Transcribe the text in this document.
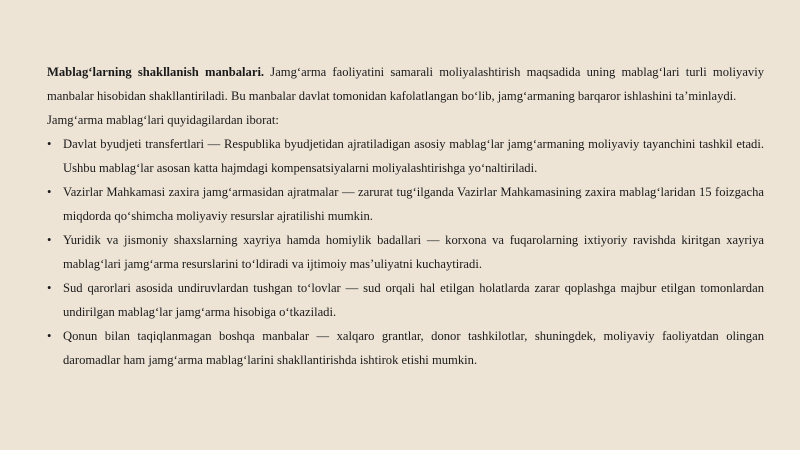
Mablag‘larning shakllanish manbalari. Jamg‘arma faoliyatini samarali moliyalashtirish maqsadida uning mablag‘lari turli moliyaviy manbalar hisobidan shakllantiriladi. Bu manbalar davlat tomonidan kafolatlangan bo‘lib, jamg‘armaning barqaror ishlashini ta’minlaydi.

Jamg‘arma mablag‘lari quyidagilardan iborat:

• Davlat byudjeti transfertlari — Respublika byudjetidan ajratiladigan asosiy mablag‘lar jamg‘armaning moliyaviy tayanchini tashkil etadi. Ushbu mablag‘lar asosan katta hajmdagi kompensatsiyalarni moliyalashtirishga yo‘naltiriladi.
• Vazirlar Mahkamasi zaxira jamg‘armasidan ajratmalar — zarurat tug‘ilganda Vazirlar Mahkamasining zaxira mablag‘laridan 15 foizgacha miqdorda qo‘shimcha moliyaviy resurslar ajratilishi mumkin.
• Yuridik va jismoniy shaxslarning xayriya hamda homiylik badallari — korxona va fuqarolarning ixtiyoriy ravishda kiritgan xayriya mablag‘lari jamg‘arma resurslarini to‘ldiradi va ijtimoiy mas’uliyatni kuchaytiradi.
• Sud qarorlari asosida undiruvlardan tushgan to‘lovlar — sud orqali hal etilgan holatlarda zarar qoplashga majbur etilgan tomonlardan undirilgan mablag‘lar jamg‘arma hisobiga o‘tkaziladi.
• Qonun bilan taqiqlanmagan boshqa manbalar — xalqaro grantlar, donor tashkilotlar, shuningdek, moliyaviy faoliyatdan olingan daromadlar ham jamg‘arma mablag‘larini shakllantirishda ishtirok etishi mumkin.
